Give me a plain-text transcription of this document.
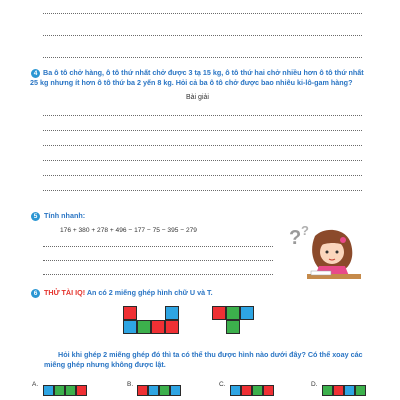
4 Ba ô tô chở hàng, ô tô thứ nhất chở được 3 tạ 15 kg, ô tô thứ hai chở nhiều hơn ô tô thứ nhất 25 kg nhưng ít hơn ô tô thứ ba 2 yến 8 kg. Hỏi cả ba ô tô chở được bao nhiêu ki-lô-gam hàng?
Bài giải
5 Tính nhanh:
176 + 380 + 278 + 496 − 177 − 75 − 395 − 279	? ?
6 THỬ TÀI IQ! An có 2 miếng ghép hình chữ U và T.
Hỏi khi ghép 2 miếng ghép đó thì ta có thể thu được hình nào dưới đây? Có thể xoay các miếng ghép nhưng không được lật.
A.	B.	C.	D.
